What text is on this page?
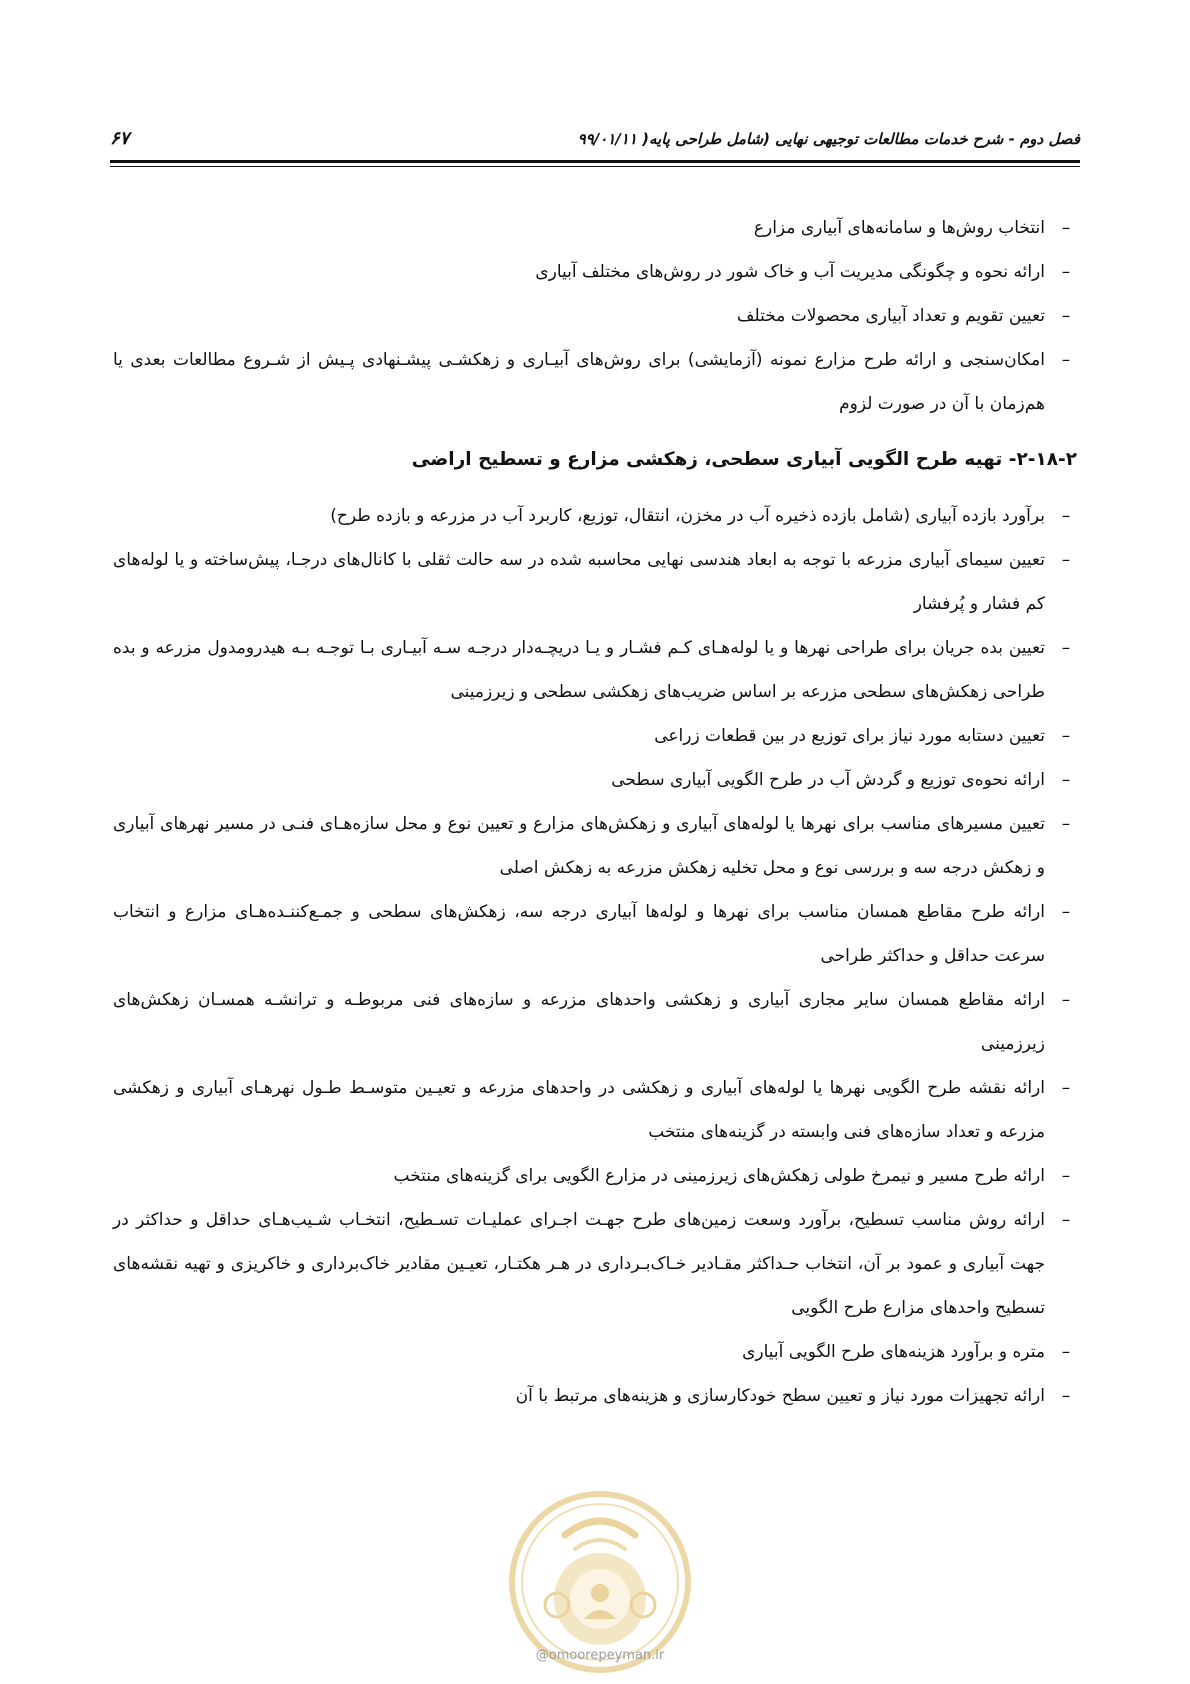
فصل دوم - شرح خدمات مطالعات توجیهی نهایی (شامل طراحی پایه( ۹۹/۰۱/۱۱
۶۷
–
انتخاب روش‌ها و سامانه‌های آبیاری مزارع
–
ارائه نحوه و چگونگی مدیریت آب و خاک شور در روش‌های مختلف آبیاری
–
تعیین تقویم و تعداد آبیاری محصولات مختلف
–
امکان‌سنجی و ارائه طرح مزارع نمونه (آزمایشی) برای روش‌های آبیـاری و زهکشـی پیشـنهادی پـیش از شـروع مطالعات بعدی یا هم‌زمان با آن در صورت لزوم
۲-۱۸-۲- تهیه طرح الگویی آبیاری سطحی، زهکشی مزارع و تسطیح اراضی
–
برآورد بازده آبیاری (شامل بازده ذخیره آب در مخزن، انتقال، توزیع، کاربرد آب در مزرعه و بازده طرح)
–
تعیین سیمای آبیاری مزرعه با توجه به ابعاد هندسی نهایی محاسبه شده در سه حالت ثقلی با کانال‌های درجـا، پیش‌ساخته و یا لوله‌های کم فشار و پُرفشار
–
تعیین بده جریان برای طراحی نهرها و یا لوله‌هـای کـم فشـار و یـا دریچـه‌دار درجـه سـه آبیـاری بـا توجـه بـه هیدرومدول مزرعه و بده طراحی زهکش‌های سطحی مزرعه بر اساس ضریب‌های زهکشی سطحی و زیرزمینی
–
تعیین دستابه مورد نیاز برای توزیع در بین قطعات زراعی
–
ارائه نحوه‌ی توزیع و گردش آب در طرح الگویی آبیاری سطحی
–
تعیین مسیرهای مناسب برای نهرها یا لوله‌های آبیاری و زهکش‌های مزارع و تعیین نوع و محل سازه‌هـای فنـی در مسیر نهرهای آبیاری و زهکش درجه سه و بررسی نوع و محل تخلیه زهکش مزرعه به زهکش اصلی
–
ارائه طرح مقاطع همسان مناسب برای نهرها و لوله‌ها آبیاری درجه سه، زهکش‌های سطحی و جمـع‌کننـده‌هـای مزارع و انتخاب سرعت حداقل و حداکثر طراحی
–
ارائه مقاطع همسان سایر مجاری آبیاری و زهکشی واحدهای مزرعه و سازه‌های فنی مربوطـه و ترانشـه همسـان زهکش‌های زیرزمینی
–
ارائه نقشه طرح الگویی نهرها یا لوله‌های آبیاری و زهکشی در واحدهای مزرعه و تعیـین متوسـط طـول نهرهـای آبیاری و زهکشی مزرعه و تعداد سازه‌های فنی وابسته در گزینه‌های منتخب
–
ارائه طرح مسیر و نیمرخ طولی زهکش‌های زیرزمینی در مزارع الگویی برای گزینه‌های منتخب
–
ارائه روش مناسب تسطیح، برآورد وسعت زمین‌های طرح جهـت اجـرای عملیـات تسـطیح، انتخـاب شـیب‌هـای حداقل و حداکثر در جهت آبیاری و عمود بر آن، انتخاب حـداکثر مقـادیر خـاک‌بـرداری در هـر هکتـار، تعیـین مقادیر خاک‌برداری و خاکریزی و تهیه نقشه‌های تسطیح واحدهای مزارع طرح الگویی
–
متره و برآورد هزینه‌های طرح الگویی آبیاری
–
ارائه تجهیزات مورد نیاز و تعیین سطح خودکارسازی و هزینه‌های مرتبط با آن
@omoorepeyman.ir
